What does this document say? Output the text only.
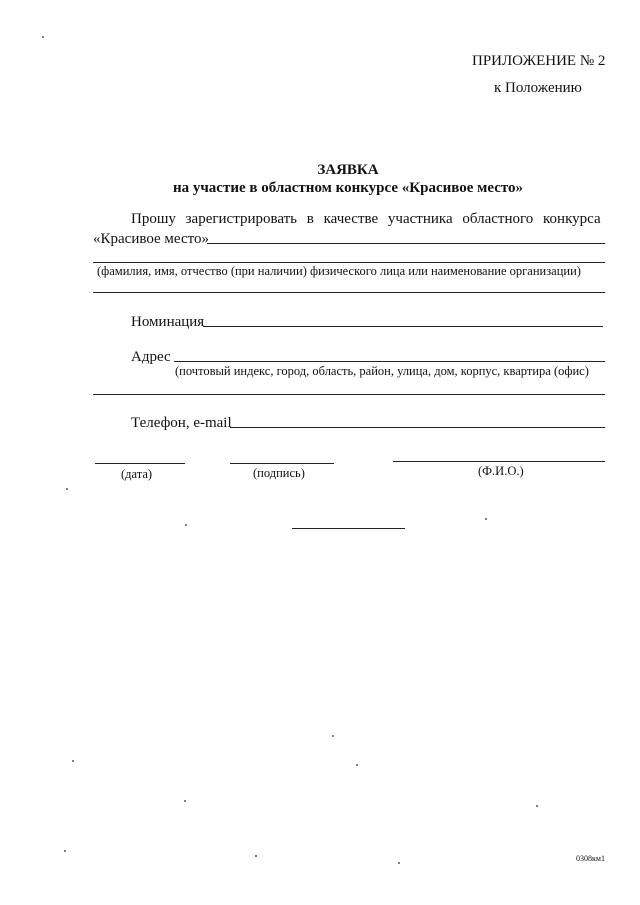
ПРИЛОЖЕНИЕ № 2
к Положению
ЗАЯВКА
на участие в областном конкурсе «Красивое место»
Прошу зарегистрировать в качестве участника областного конкурса
«Красивое место»
(фамилия, имя, отчество (при наличии) физического лица или наименование организации)
Номинация
Адрес
(почтовый индекс, город, область, район, улица, дом, корпус, квартира (офис)
Телефон, e-mail
(дата)	(подпись)	(Ф.И.О.)
0308км1
